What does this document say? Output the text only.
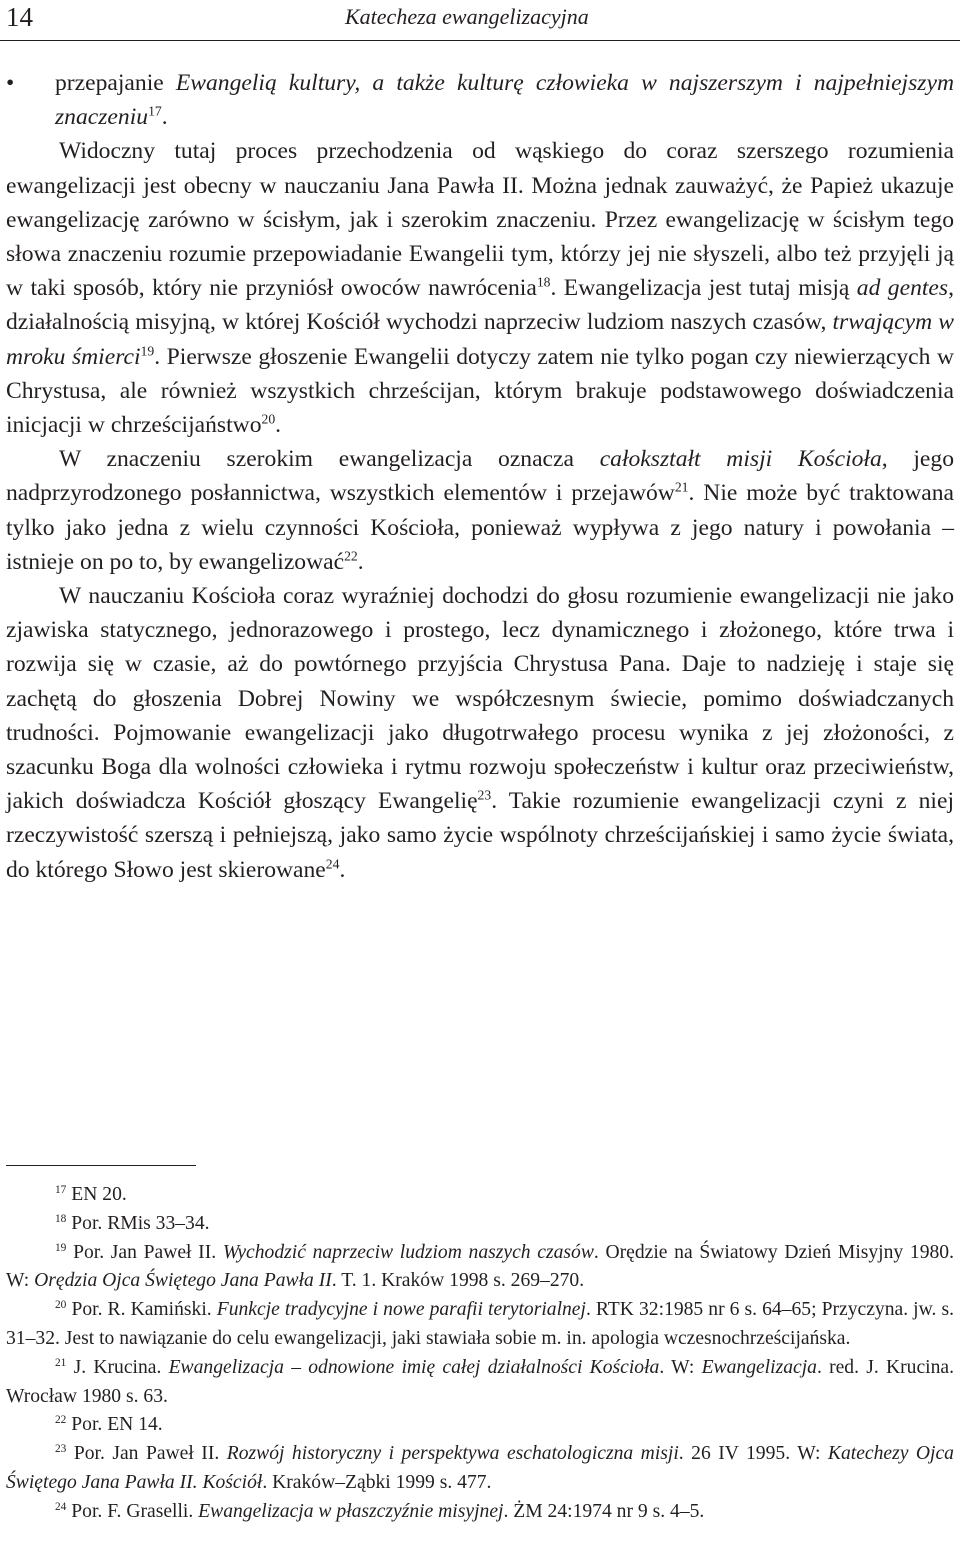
14	Katecheza ewangelizacyjna

• przepajanie Ewangelią kultury, a także kulturę człowieka w najszerszym i najpełniejszym znaczeniu$^{17}$.

Widoczny tutaj proces przechodzenia od wąskiego do coraz szerszego rozumienia ewangelizacji jest obecny w nauczaniu Jana Pawła II. Można jednak zauważyć, że Papież ukazuje ewangelizację zarówno w ścisłym, jak i szerokim znaczeniu. Przez ewangelizację w ścisłym tego słowa znaczeniu rozumie przepowiadanie Ewangelii tym, którzy jej nie słyszeli, albo też przyjęli ją w taki sposób, który nie przyniósł owoców nawrócenia$^{18}$. Ewangelizacja jest tutaj misją ad gentes, działalnością misyjną, w której Kościół wychodzi naprzeciw ludziom naszych czasów, trwającym w mroku śmierci$^{19}$. Pierwsze głoszenie Ewangelii dotyczy zatem nie tylko pogan czy niewierzących w Chrystusa, ale również wszystkich chrześcijan, którym brakuje podstawowego doświadczenia inicjacji w chrześcijaństwo$^{20}$.

W znaczeniu szerokim ewangelizacja oznacza całokształt misji Kościoła, jego nadprzyrodzonego posłannictwa, wszystkich elementów i przejawów$^{21}$. Nie może być traktowana tylko jako jedna z wielu czynności Kościoła, ponieważ wypływa z jego natury i powołania – istnieje on po to, by ewangelizować$^{22}$.

W nauczaniu Kościoła coraz wyraźniej dochodzi do głosu rozumienie ewangelizacji nie jako zjawiska statycznego, jednorazowego i prostego, lecz dynamicznego i złożonego, które trwa i rozwija się w czasie, aż do powtórnego przyjścia Chrystusa Pana. Daje to nadzieję i staje się zachętą do głoszenia Dobrej Nowiny we współczesnym świecie, pomimo doświadczanych trudności. Pojmowanie ewangelizacji jako długotrwałego procesu wynika z jej złożoności, z szacunku Boga dla wolności człowieka i rytmu rozwoju społeczeństw i kultur oraz przeciwieństw, jakich doświadcza Kościół głoszący Ewangelię$^{23}$. Takie rozumienie ewangelizacji czyni z niej rzeczywistość szerszą i pełniejszą, jako samo życie wspólnoty chrześcijańskiej i samo życie świata, do którego Słowo jest skierowane$^{24}$.

$^{17}$ EN 20.

$^{18}$ Por. RMis 33–34.

$^{19}$ Por. Jan Paweł II. Wychodzić naprzeciw ludziom naszych czasów. Orędzie na Światowy Dzień Misyjny 1980. W: Orędzia Ojca Świętego Jana Pawła II. T. 1. Kraków 1998 s. 269–270.

$^{20}$ Por. R. Kamiński. Funkcje tradycyjne i nowe parafii terytorialnej. RTK 32:1985 nr 6 s. 64–65; Przyczyna. jw. s. 31–32. Jest to nawiązanie do celu ewangelizacji, jaki stawiała sobie m. in. apologia wczesnochrześcijańska.

$^{21}$ J. Krucina. Ewangelizacja – odnowione imię całej działalności Kościoła. W: Ewangelizacja. red. J. Krucina. Wrocław 1980 s. 63.

$^{22}$ Por. EN 14.

$^{23}$ Por. Jan Paweł II. Rozwój historyczny i perspektywa eschatologiczna misji. 26 IV 1995. W: Katechezy Ojca Świętego Jana Pawła II. Kościół. Kraków–Ząbki 1999 s. 477.

$^{24}$ Por. F. Graselli. Ewangelizacja w płaszczyźnie misyjnej. ŻM 24:1974 nr 9 s. 4–5.
